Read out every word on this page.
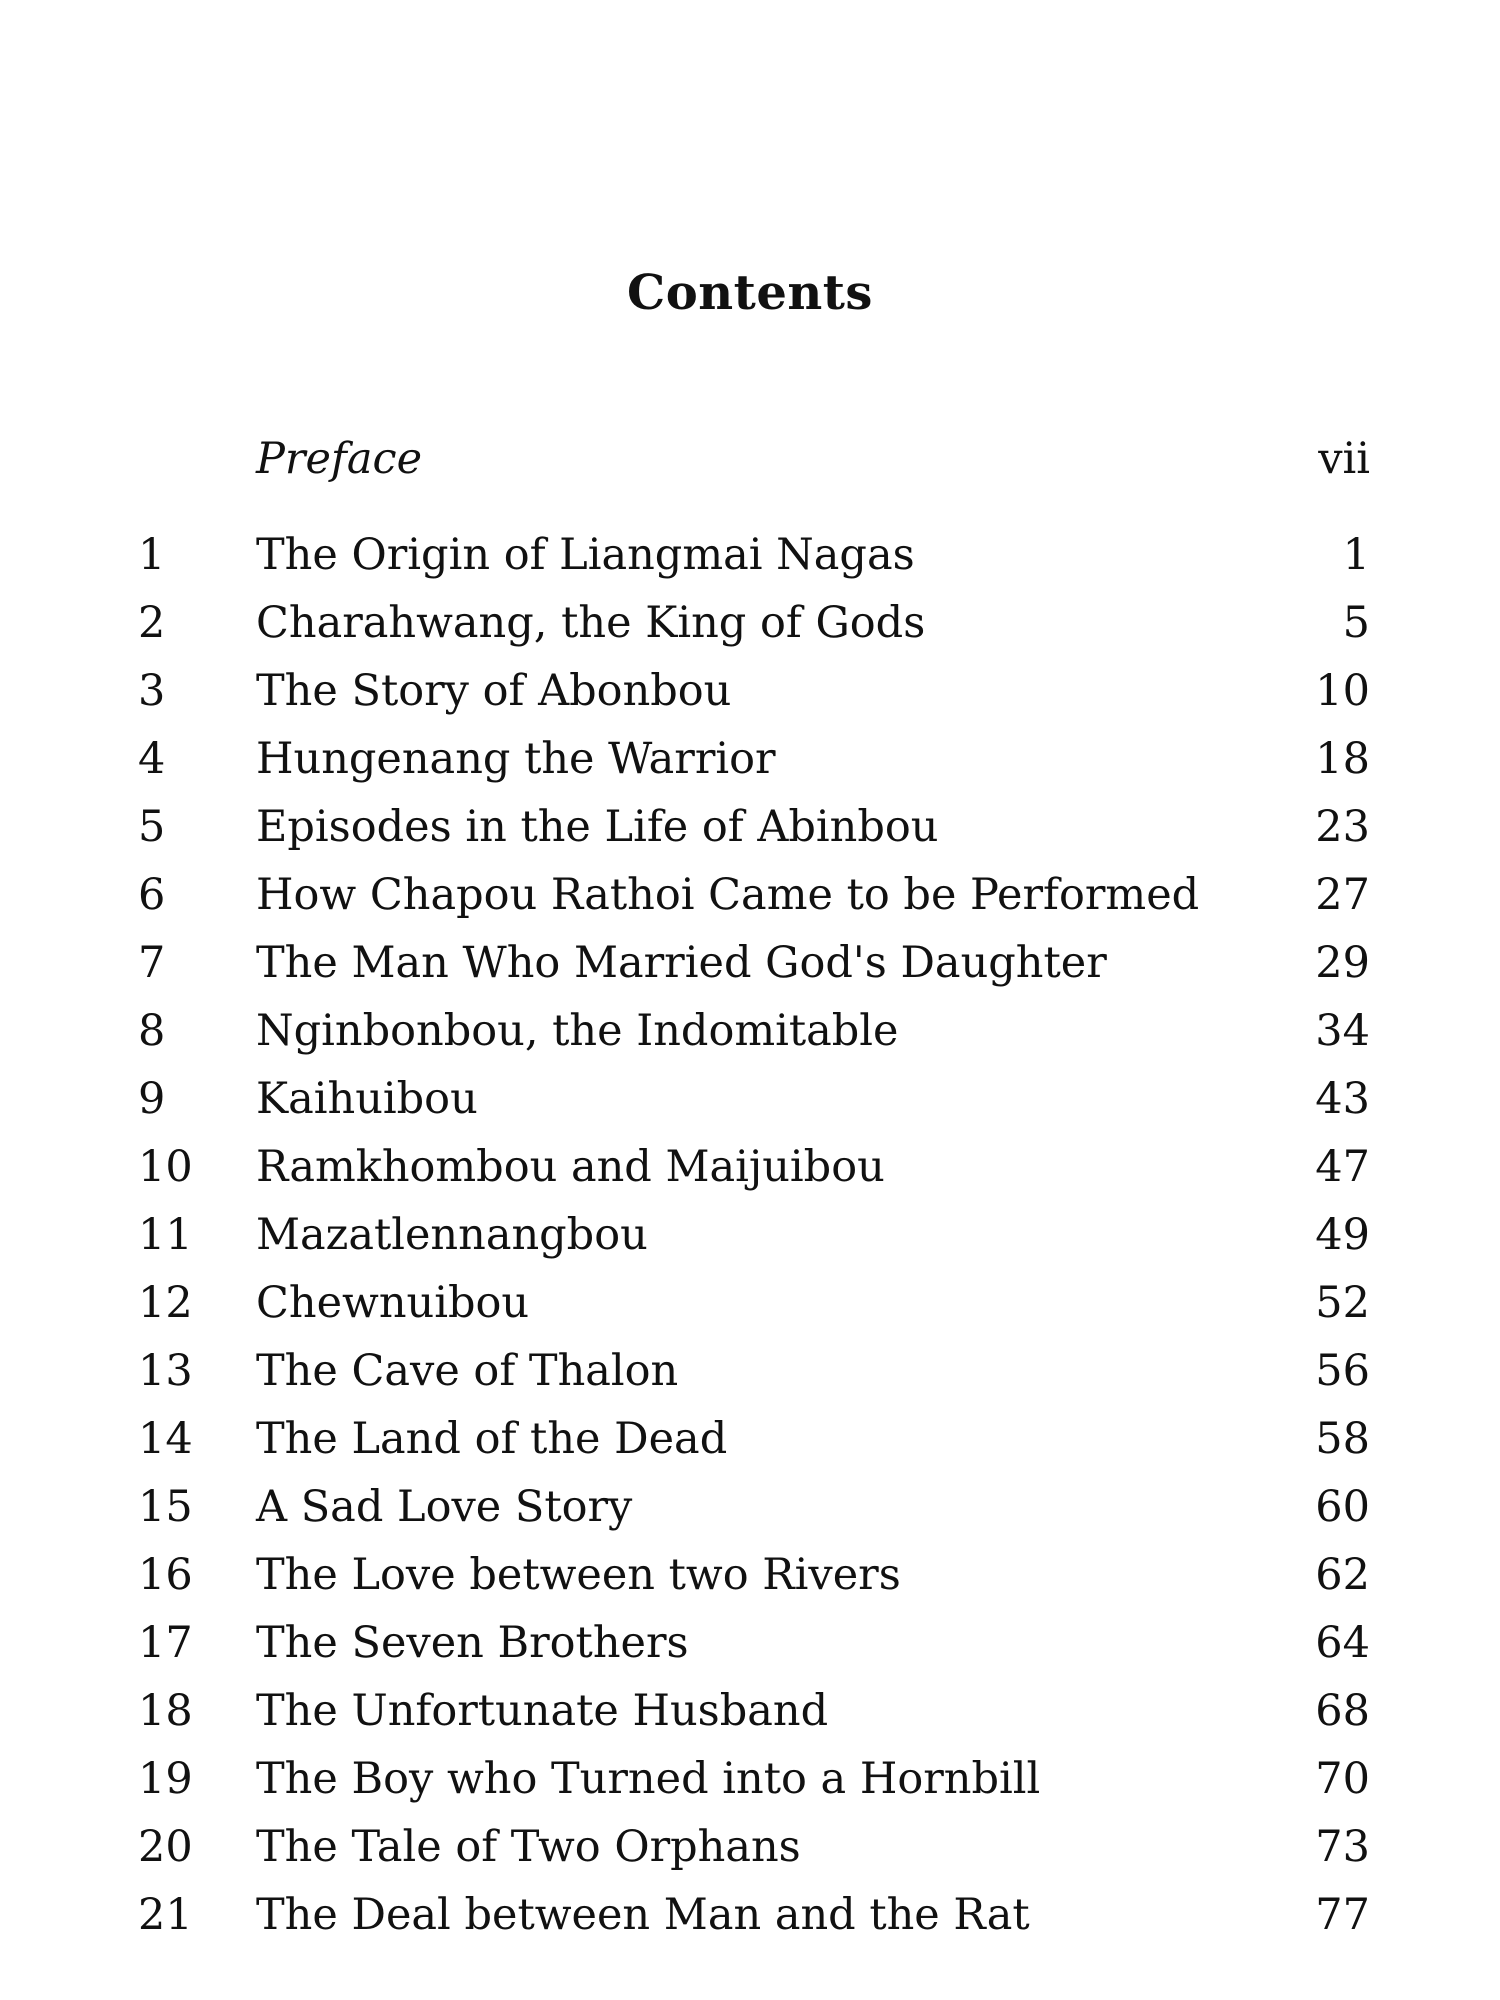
Contents
Preface	vii
1	The Origin of Liangmai Nagas	1
2	Charahwang, the King of Gods	5
3	The Story of Abonbou	10
4	Hungenang the Warrior	18
5	Episodes in the Life of Abinbou	23
6	How Chapou Rathoi Came to be Performed	27
7	The Man Who Married God's Daughter	29
8	Nginbonbou, the Indomitable	34
9	Kaihuibou	43
10	Ramkhombou and Maijuibou	47
11	Mazatlennangbou	49
12	Chewnuibou	52
13	The Cave of Thalon	56
14	The Land of the Dead	58
15	A Sad Love Story	60
16	The Love between two Rivers	62
17	The Seven Brothers	64
18	The Unfortunate Husband	68
19	The Boy who Turned into a Hornbill	70
20	The Tale of Two Orphans	73
21	The Deal between Man and the Rat	77
